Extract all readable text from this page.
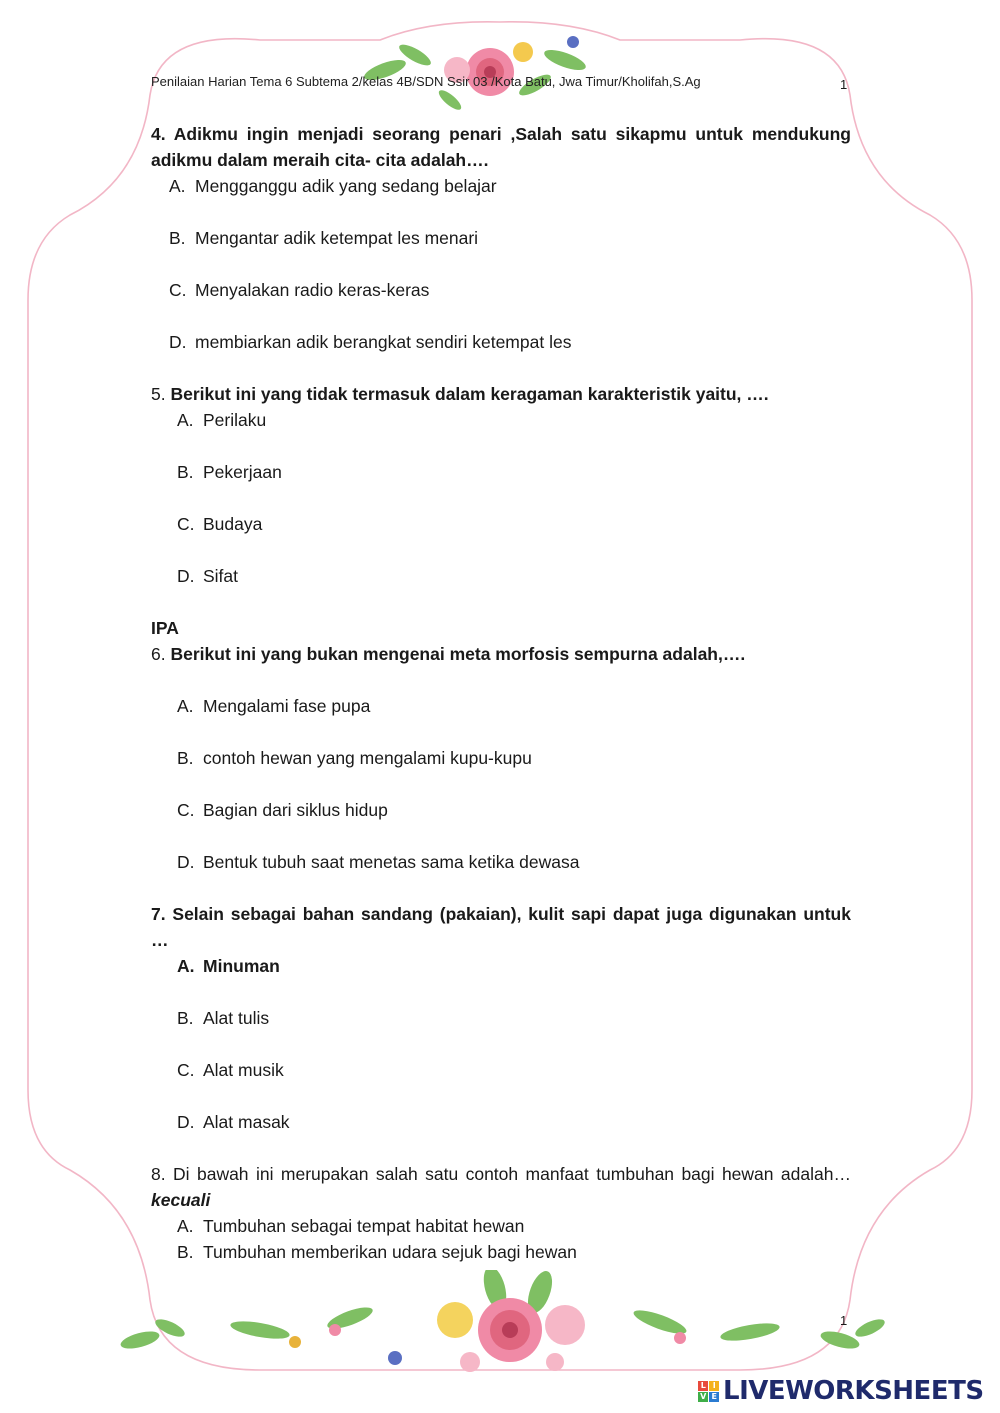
Penilaian Harian Tema 6 Subtema 2/kelas 4B/SDN Ssir 03 /Kota Batu, Jwa Timur/Kholifah,S.Ag	1
1

4. Adikmu ingin menjadi seorang penari ,Salah satu sikapmu untuk mendukung adikmu dalam meraih cita- cita adalah….

A. Mengganggu adik yang sedang belajar

B. Mengantar adik ketempat les menari

C. Menyalakan radio keras-keras

D. membiarkan adik berangkat sendiri ketempat les

5. Berikut ini yang tidak termasuk dalam keragaman karakteristik yaitu, ….

A. Perilaku

B. Pekerjaan

C. Budaya

D. Sifat

IPA

6. Berikut ini yang bukan mengenai meta morfosis sempurna adalah,….

A. Mengalami fase pupa

B. contoh hewan yang mengalami kupu-kupu

C. Bagian dari siklus hidup

D. Bentuk tubuh saat menetas sama ketika dewasa

7. Selain sebagai bahan sandang (pakaian), kulit sapi dapat juga digunakan untuk …

A. Minuman

B. Alat tulis

C. Alat musik

D. Alat masak

8. Di bawah ini merupakan salah satu contoh manfaat tumbuhan bagi hewan adalah…kecuali

A. Tumbuhan sebagai tempat habitat hewan

B. Tumbuhan memberikan udara sejuk bagi hewan

L I
V E LIVEWORKSHEETS
